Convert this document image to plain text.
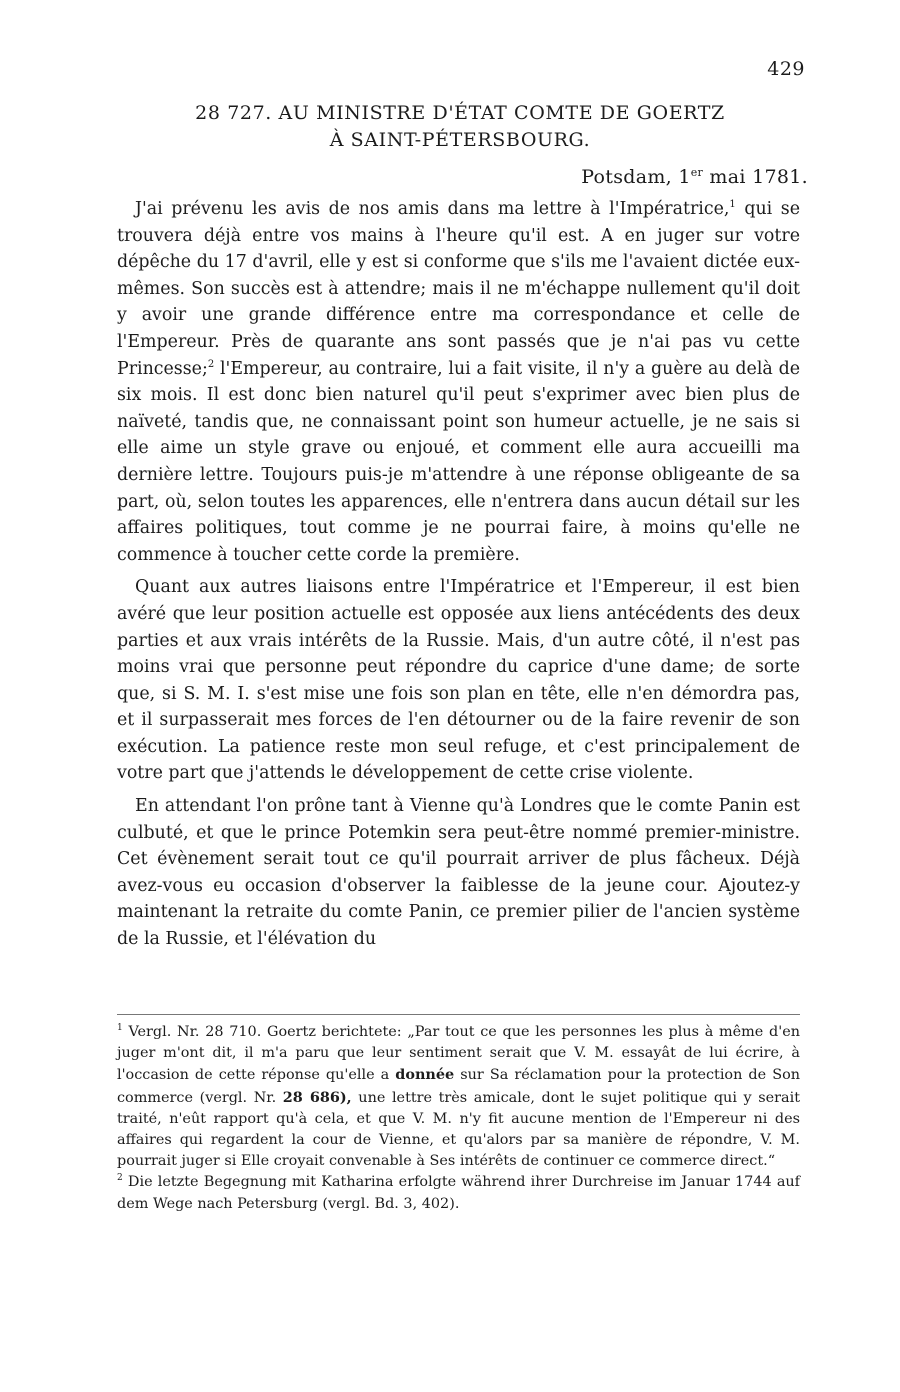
429
28 727. AU MINISTRE D'ÉTAT COMTE DE GOERTZ
À SAINT-PÉTERSBOURG.
Potsdam, 1er mai 1781.

J'ai prévenu les avis de nos amis dans ma lettre à l'Impératrice,$^1$ qui se trouvera déjà entre vos mains à l'heure qu'il est. A en juger sur votre dépêche du 17 d'avril, elle y est si conforme que s'ils me l'avaient dictée eux-mêmes. Son succès est à attendre; mais il ne m'échappe nullement qu'il doit y avoir une grande différence entre ma correspondance et celle de l'Empereur. Près de quarante ans sont passés que je n'ai pas vu cette Princesse;$^2$ l'Empereur, au contraire, lui a fait visite, il n'y a guère au delà de six mois. Il est donc bien naturel qu'il peut s'exprimer avec bien plus de naïveté, tandis que, ne connaissant point son humeur actuelle, je ne sais si elle aime un style grave ou enjoué, et comment elle aura accueilli ma dernière lettre. Toujours puis-je m'attendre à une réponse obligeante de sa part, où, selon toutes les apparences, elle n'entrera dans aucun détail sur les affaires politiques, tout comme je ne pourrai faire, à moins qu'elle ne commence à toucher cette corde la première.

Quant aux autres liaisons entre l'Impératrice et l'Empereur, il est bien avéré que leur position actuelle est opposée aux liens antécédents des deux parties et aux vrais intérêts de la Russie. Mais, d'un autre côté, il n'est pas moins vrai que personne peut répondre du caprice d'une dame; de sorte que, si S. M. I. s'est mise une fois son plan en tête, elle n'en démordra pas, et il surpasserait mes forces de l'en détourner ou de la faire revenir de son exécution. La patience reste mon seul refuge, et c'est principalement de votre part que j'attends le développement de cette crise violente.

En attendant l'on prône tant à Vienne qu'à Londres que le comte Panin est culbuté, et que le prince Potemkin sera peut-être nommé premier-ministre. Cet évènement serait tout ce qu'il pourrait arriver de plus fâcheux. Déjà avez-vous eu occasion d'observer la faiblesse de la jeune cour. Ajoutez-y maintenant la retraite du comte Panin, ce premier pilier de l'ancien système de la Russie, et l'élévation du

$^1$ Vergl. Nr. 28 710. Goertz berichtete: „Par tout ce que les personnes les plus à même d'en juger m'ont dit, il m'a paru que leur sentiment serait que V. M. essayât de lui écrire, à l'occasion de cette réponse qu'elle a donnée sur Sa réclamation pour la protection de Son commerce (vergl. Nr. 28 686), une lettre très amicale, dont le sujet politique qui y serait traité, n'eût rapport qu'à cela, et que V. M. n'y fit aucune mention de l'Empereur ni des affaires qui regardent la cour de Vienne, et qu'alors par sa manière de répondre, V. M. pourrait juger si Elle croyait convenable à Ses intérêts de continuer ce commerce direct.“

$^2$ Die letzte Begegnung mit Katharina erfolgte während ihrer Durchreise im Januar 1744 auf dem Wege nach Petersburg (vergl. Bd. 3, 402).
